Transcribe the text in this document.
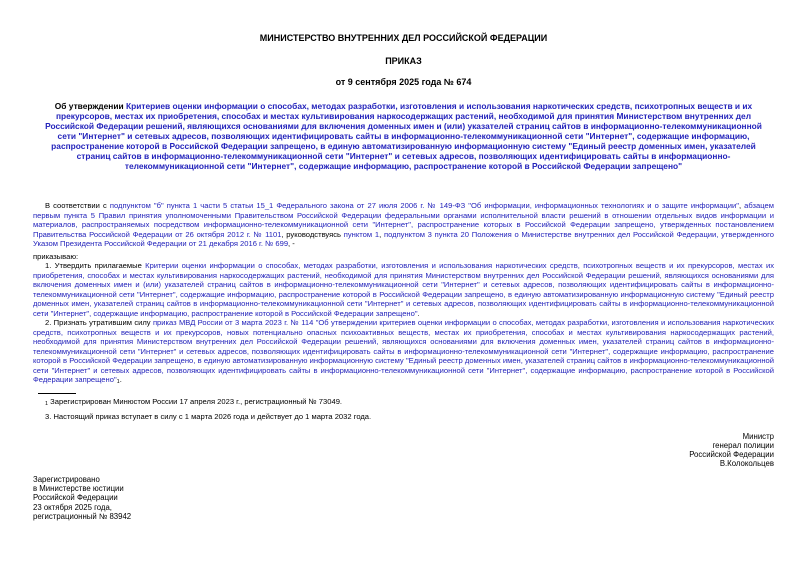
МИНИСТЕРСТВО ВНУТРЕННИХ ДЕЛ РОССИЙСКОЙ ФЕДЕРАЦИИ
ПРИКАЗ
от 9 сентября 2025 года № 674
Об утверждении Критериев оценки информации о способах, методах разработки, изготовления и использования наркотических средств, психотропных веществ и их прекурсоров, местах их приобретения, способах и местах культивирования наркосодержащих растений, необходимой для принятия Министерством внутренних дел Российской Федерации решений, являющихся основаниями для включения доменных имен и (или) указателей страниц сайтов в информационно-телекоммуникационной сети "Интернет" и сетевых адресов, позволяющих идентифицировать сайты в информационно-телекоммуникационной сети "Интернет", содержащие информацию, распространение которой в Российской Федерации запрещено, в единую автоматизированную информационную систему "Единый реестр доменных имен, указателей страниц сайтов в информационно-телекоммуникационной сети "Интернет" и сетевых адресов, позволяющих идентифицировать сайты в информационно-телекоммуникационной сети "Интернет", содержащие информацию, распространение которой в Российской Федерации запрещено"

В соответствии с подпунктом "б" пункта 1 части 5 статьи 15_1 Федерального закона от 27 июля 2006 г. № 149-ФЗ "Об информации, информационных технологиях и о защите информации", абзацем первым пункта 5 Правил принятия уполномоченными Правительством Российской Федерации федеральными органами исполнительной власти решений в отношении отдельных видов информации и материалов, распространяемых посредством информационно-телекоммуникационной сети "Интернет", распространение которых в Российской Федерации запрещено, утвержденных постановлением Правительства Российской Федерации от 26 октября 2012 г. № 1101, руководствуясь пунктом 1, подпунктом 3 пункта 20 Положения о Министерстве внутренних дел Российской Федерации, утвержденного Указом Президента Российской Федерации от 21 декабря 2016 г. № 699, -

приказываю:

1. Утвердить прилагаемые Критерии оценки информации о способах, методах разработки, изготовления и использования наркотических средств, психотропных веществ и их прекурсоров, местах их приобретения, способах и местах культивирования наркосодержащих растений, необходимой для принятия Министерством внутренних дел Российской Федерации решений, являющихся основаниями для включения доменных имен и (или) указателей страниц сайтов в информационно-телекоммуникационной сети "Интернет" и сетевых адресов, позволяющих идентифицировать сайты в информационно-телекоммуникационной сети "Интернет", содержащие информацию, распространение которой в Российской Федерации запрещено, в единую автоматизированную информационную систему "Единый реестр доменных имен, указателей страниц сайтов в информационно-телекоммуникационной сети "Интернет" и сетевых адресов, позволяющих идентифицировать сайты в информационно-телекоммуникационной сети "Интернет", содержащие информацию, распространение которой в Российской Федерации запрещено".

2. Признать утратившим силу приказ МВД России от 3 марта 2023 г. № 114 "Об утверждении критериев оценки информации о способах, методах разработки, изготовления и использования наркотических средств, психотропных веществ и их прекурсоров, новых потенциально опасных психоактивных веществ, местах их приобретения, способах и местах культивирования наркосодержащих растений, необходимой для принятия Министерством внутренних дел Российской Федерации решений, являющихся основаниями для включения доменных имен, указателей страниц сайтов в информационно-телекоммуникационной сети "Интернет" и сетевых адресов, позволяющих идентифицировать сайты в информационно-телекоммуникационной сети "Интернет", содержащие информацию, распространение которой в Российской Федерации запрещено, в единую автоматизированную информационную систему "Единый реестр доменных имен, указателей страниц сайтов в информационно-телекоммуникационной сети "Интернет" и сетевых адресов, позволяющих идентифицировать сайты в информационно-телекоммуникационной сети "Интернет", содержащие информацию, распространение которой в Российской Федерации запрещено"1.

1 Зарегистрирован Минюстом России 17 апреля 2023 г., регистрационный № 73049.

3. Настоящий приказ вступает в силу с 1 марта 2026 года и действует до 1 марта 2032 года.

Министр
генерал полиции
Российской Федерации
В.Колокольцев
Зарегистрировано
в Министерстве юстиции
Российской Федерации
23 октября 2025 года,
регистрационный № 83942
